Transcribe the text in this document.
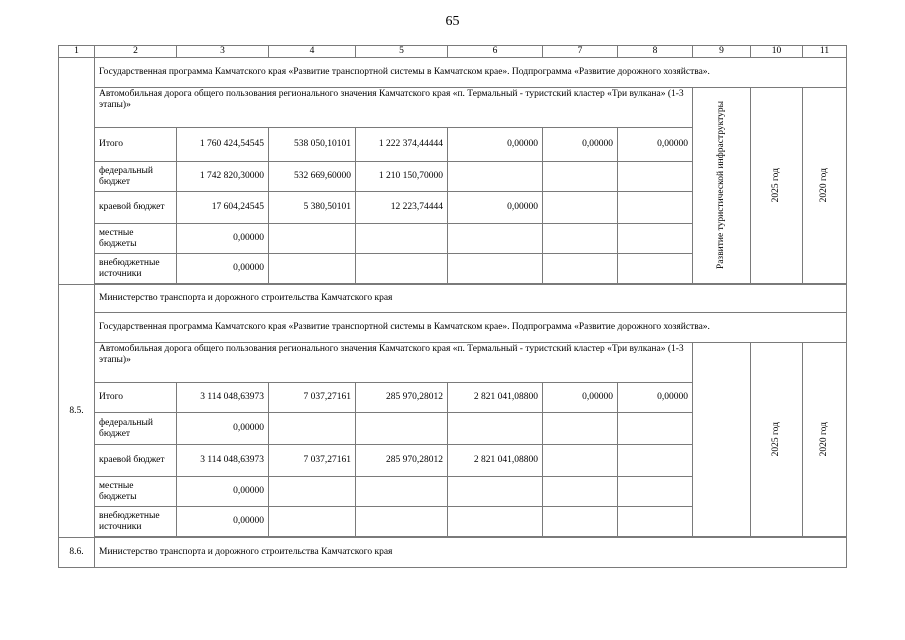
65
1	2	3	4	5	6	7	8	9	10	11
	Государственная программа Камчатского края «Развитие транспортной системы в Камчатском крае». Подпрограмма «Развитие дорожного хозяйства».									
	Автомобильная дорога общего пользования регионального значения Камчатского края «п. Термальный - туристский кластер «Три вулкана» (1-3 этапы)»							Развитие туристической инфраструктуры	2025 год	2020 год

	Итого	1 760 424,54545	538 050,10101	1 222 374,44444	0,00000	0,00000	0,00000			
	федеральный бюджет	1 742 820,30000	532 669,60000	1 210 150,70000						
	краевой бюджет	17 604,24545	5 380,50101	12 223,74444	0,00000					
	местные бюджеты	0,00000								
	внебюджетные источники	0,00000								

8.5.	Министерство транспорта и дорожного строительства Камчатского края									
	Государственная программа Камчатского края «Развитие транспортной системы в Камчатском крае». Подпрограмма «Развитие дорожного хозяйства».									
	Автомобильная дорога общего пользования регионального значения Камчатского края «п. Термальный - туристский кластер «Три вулкана» (1-3 этапы)»								2025 год	2020 год

	Итого	3 114 048,63973	7 037,27161	285 970,28012	2 821 041,08800	0,00000	0,00000			
	федеральный бюджет	0,00000								
	краевой бюджет	3 114 048,63973	7 037,27161	285 970,28012	2 821 041,08800					
	местные бюджеты	0,00000								
	внебюджетные источники	0,00000								

8.6.	Министерство транспорта и дорожного строительства Камчатского края									
